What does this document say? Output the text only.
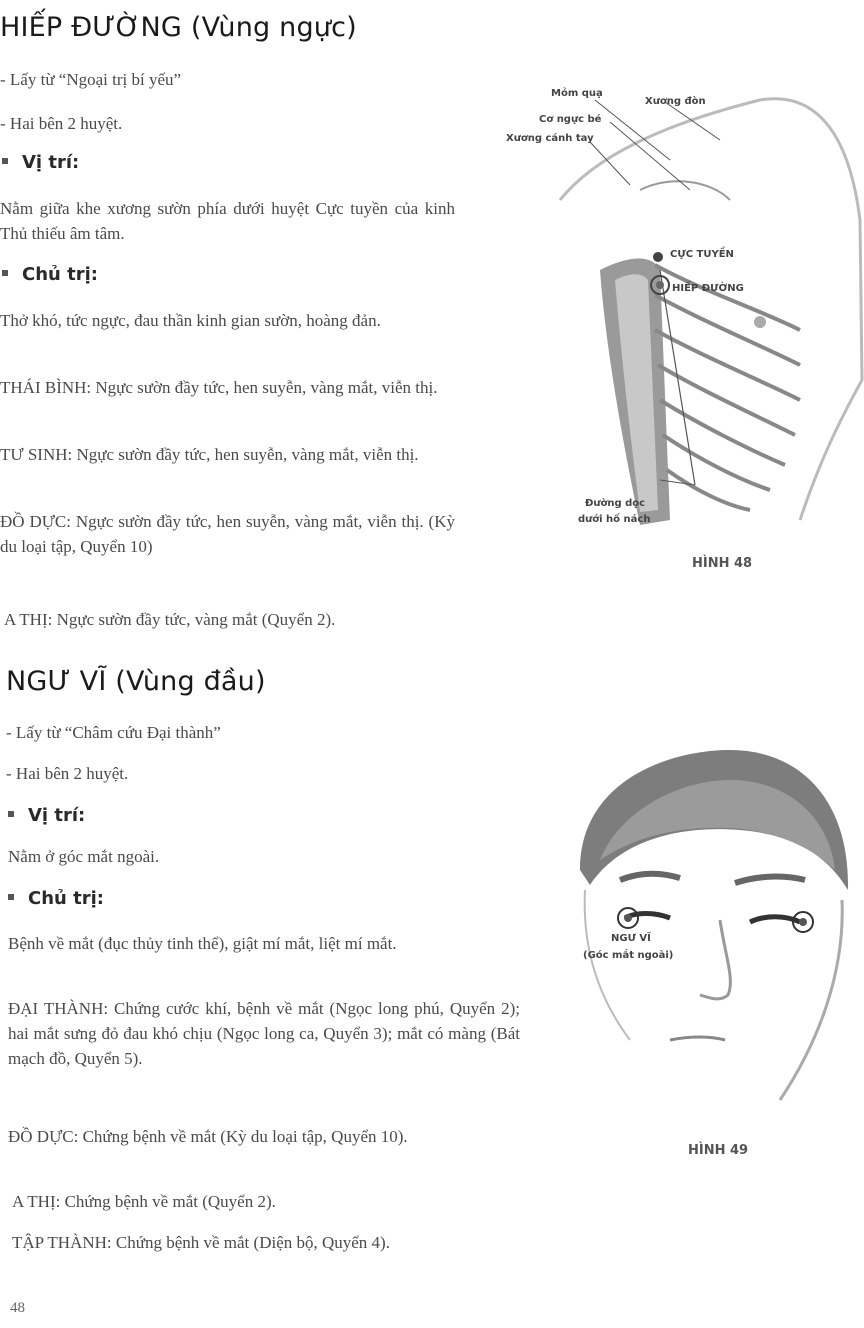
HIẾP ĐƯỜNG (Vùng ngực)
- Lấy từ “Ngoại trị bí yếu”
- Hai bên 2 huyệt.
Vị trí:

Nằm giữa khe xương sườn phía dưới huyệt Cực tuyền của kinh Thủ thiếu âm tâm.

Chủ trị:

Thở khó, tức ngực, đau thần kinh gian sườn, hoàng đản.

THÁI BÌNH: Ngực sườn đầy tức, hen suyễn, vàng mắt, viễn thị.

TƯ SINH: Ngực sườn đầy tức, hen suyễn, vàng mắt, viễn thị.

ĐỒ DỰC: Ngực sườn đầy tức, hen suyễn, vàng mắt, viễn thị. (Kỳ du loại tập, Quyển 10)

A THỊ: Ngực sườn đầy tức, vàng mắt (Quyển 2).

Mỏm quạ
Xương đòn
Cơ ngực bé
Xương cánh tay
CỰC TUYỀN
HIẾP ĐƯỜNG
Đường dọc
dưới hố nách
HÌNH 48
NGƯ VĨ (Vùng đầu)
- Lấy từ “Châm cứu Đại thành”
- Hai bên 2 huyệt.
Vị trí:
Nằm ở góc mắt ngoài.
Chủ trị:

Bệnh về mắt (đục thủy tinh thể), giật mí mắt, liệt mí mắt.

ĐẠI THÀNH: Chứng cước khí, bệnh về mắt (Ngọc long phú, Quyển 2); hai mắt sưng đỏ đau khó chịu (Ngọc long ca, Quyển 3); mắt có màng (Bát mạch đồ, Quyển 5).

ĐỒ DỰC: Chứng bệnh về mắt (Kỳ du loại tập, Quyển 10).

A THỊ: Chứng bệnh về mắt (Quyển 2).

TẬP THÀNH: Chứng bệnh về mắt (Diện bộ, Quyển 4).

NGƯ VĨ
(Góc mắt ngoài)
HÌNH 49
48
